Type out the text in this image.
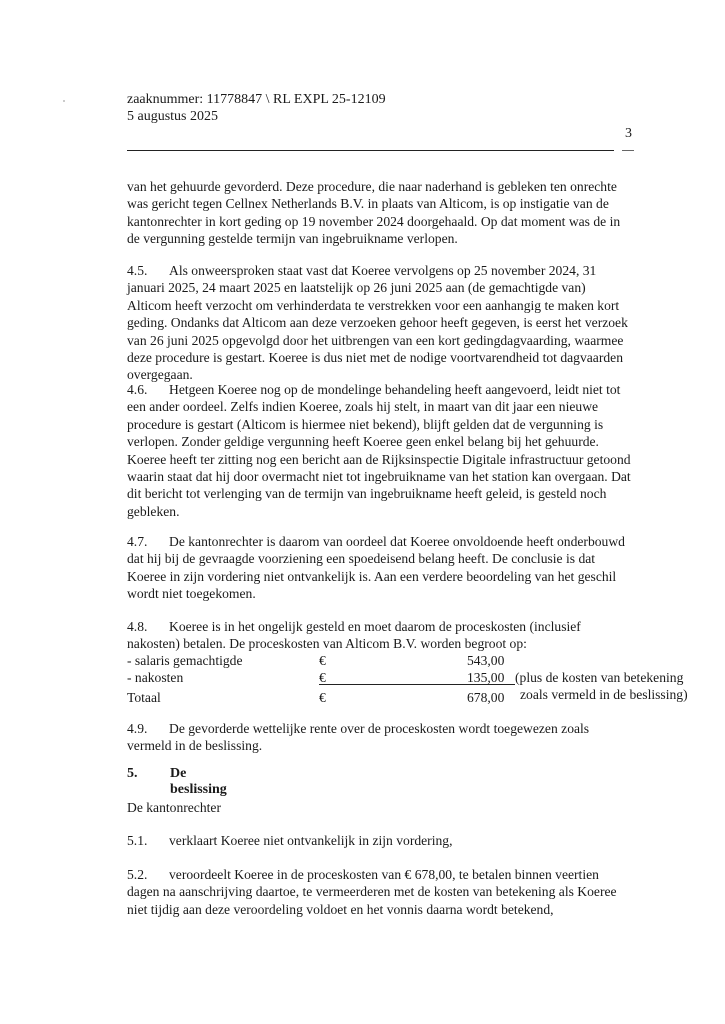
zaaknummer: 11778847 \ RL EXPL 25-12109
5 augustus 2025
3
van het gehuurde gevorderd. Deze procedure, die naar naderhand is gebleken ten onrechte
was gericht tegen Cellnex Netherlands B.V. in plaats van Alticom, is op instigatie van de
kantonrechter in kort geding op 19 november 2024 doorgehaald. Op dat moment was de in
de vergunning gestelde termijn van ingebruikname verlopen.
4.5. Als onweersproken staat vast dat Koeree vervolgens op 25 november 2024, 31
januari 2025, 24 maart 2025 en laatstelijk op 26 juni 2025 aan (de gemachtigde van)
Alticom heeft verzocht om verhinderdata te verstrekken voor een aanhangig te maken kort
geding. Ondanks dat Alticom aan deze verzoeken gehoor heeft gegeven, is eerst het verzoek
van 26 juni 2025 opgevolgd door het uitbrengen van een kort gedingdagvaarding, waarmee
deze procedure is gestart. Koeree is dus niet met de nodige voortvarendheid tot dagvaarden
overgegaan.
4.6. Hetgeen Koeree nog op de mondelinge behandeling heeft aangevoerd, leidt niet tot
een ander oordeel. Zelfs indien Koeree, zoals hij stelt, in maart van dit jaar een nieuwe
procedure is gestart (Alticom is hiermee niet bekend), blijft gelden dat de vergunning is
verlopen. Zonder geldige vergunning heeft Koeree geen enkel belang bij het gehuurde.
Koeree heeft ter zitting nog een bericht aan de Rijksinspectie Digitale infrastructuur getoond
waarin staat dat hij door overmacht niet tot ingebruikname van het station kan overgaan. Dat
dit bericht tot verlenging van de termijn van ingebruikname heeft geleid, is gesteld noch
gebleken.
4.7. De kantonrechter is daarom van oordeel dat Koeree onvoldoende heeft onderbouwd
dat hij bij de gevraagde voorziening een spoedeisend belang heeft. De conclusie is dat
Koeree in zijn vordering niet ontvankelijk is. Aan een verdere beoordeling van het geschil
wordt niet toegekomen.
4.8. Koeree is in het ongelijk gesteld en moet daarom de proceskosten (inclusief
nakosten) betalen. De proceskosten van Alticom B.V. worden begroot op:
- salaris gemachtigde	€	543,00
- nakosten	€	135,00 (plus de kosten van betekening
zoals vermeld in de beslissing)
Totaal	€	678,00
4.9. De gevorderde wettelijke rente over de proceskosten wordt toegewezen zoals
vermeld in de beslissing.
5. De beslissing
De kantonrechter
5.1. verklaart Koeree niet ontvankelijk in zijn vordering,
5.2. veroordeelt Koeree in de proceskosten van € 678,00, te betalen binnen veertien
dagen na aanschrijving daartoe, te vermeerderen met de kosten van betekening als Koeree
niet tijdig aan deze veroordeling voldoet en het vonnis daarna wordt betekend,
